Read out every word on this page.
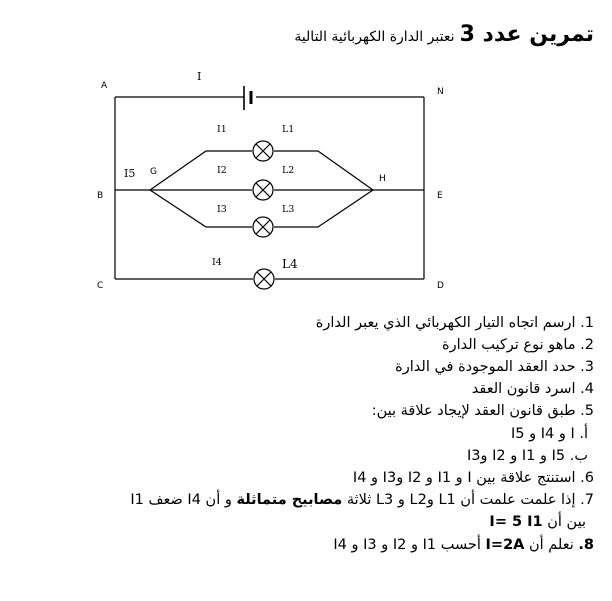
تمرين عدد 3 نعتبر الدارة الكهربائية التالية
A
N
B	E
C	D
G
H
I
I1
I2
I3
I4
I5
L1
L2
L3
L4
1. ارسم اتجاه التيار الكهربائي الذي يعبر الدارة
2. ماهو نوع تركيب الدارة
3. حدد العقد الموجودة في الدارة
4. اسرد قانون العقد
5. طبق قانون العقد لإيجاد علاقة بين:
أ. I و I4 و I5
ب. I5 و I1 و I2 وI3
6. استنتج علاقة بين I و I1 و I2 وI3 و I4
7. إذا علمت علمت أن L1 وL2 و L3 ثلاثة مصابيح متماثلة و أن I4 ضعف I1
بين أن I= 5 I1
8. نعلم أن I=2A أحسب I1 و I2 و I3 و I4
